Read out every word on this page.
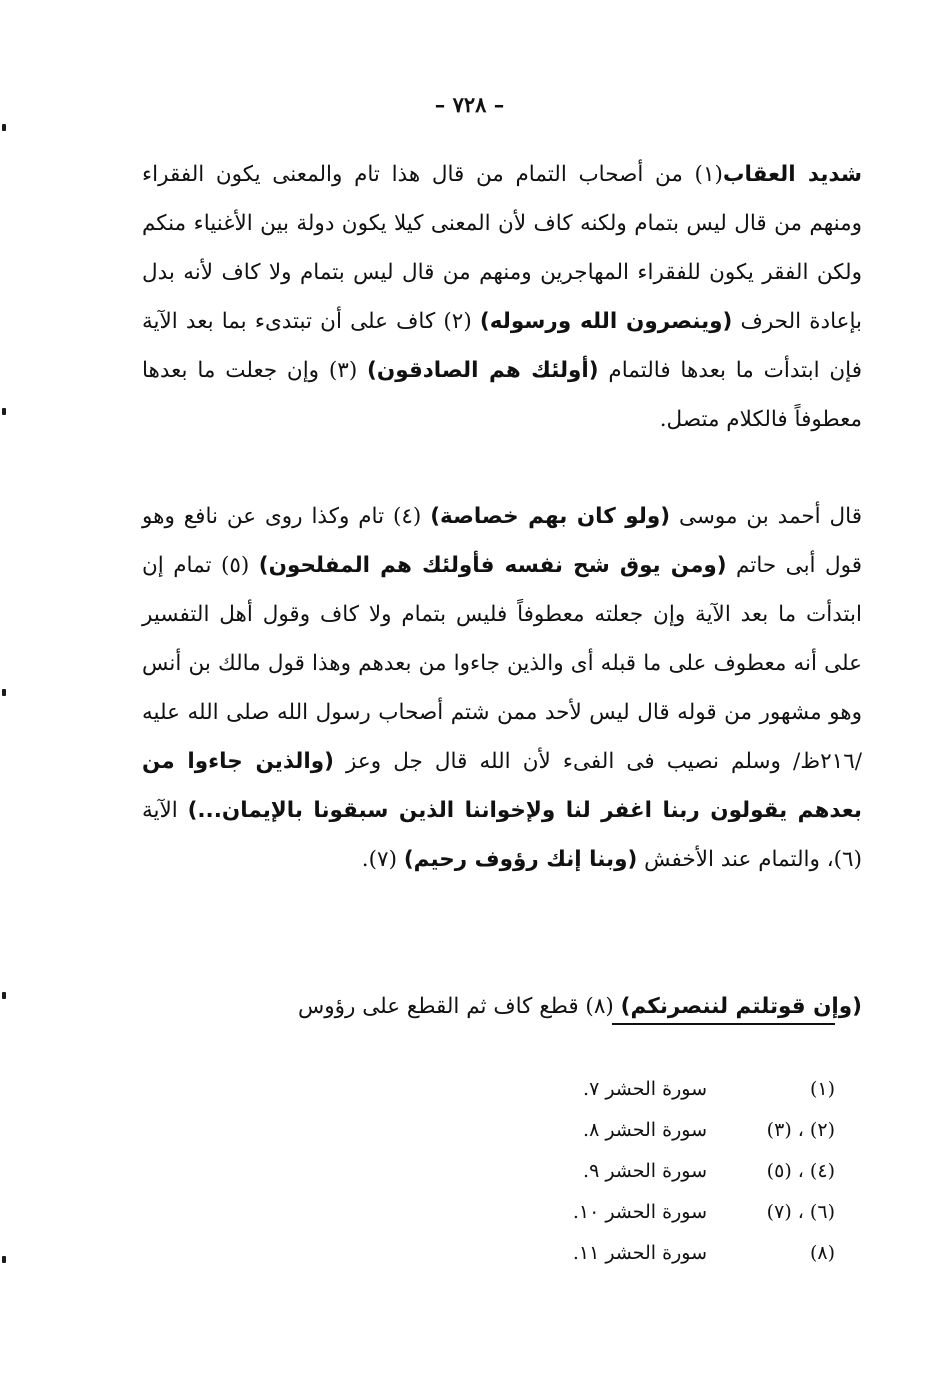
– ٧٢٨ –
شديد العقاب(١) من أصحاب التمام من قال هذا تام والمعنى يكون الفقراء ومنهم من قال ليس بتمام ولكنه كاف لأن المعنى كيلا يكون دولة بين الأغنياء منكم ولكن الفقر يكون للفقراء المهاجرين ومنهم من قال ليس بتمام ولا كاف لأنه بدل بإعادة الحرف (وينصرون الله ورسوله) (٢) كاف على أن تبتدىء بما بعد الآية فإن ابتدأت ما بعدها فالتمام (أولئك هم الصادقون) (٣) وإن جعلت ما بعدها معطوفاً فالكلام متصل.
قال أحمد بن موسى (ولو كان بهم خصاصة) (٤) تام وكذا روى عن نافع وهو قول أبى حاتم (ومن يوق شح نفسه فأولئك هم المفلحون) (٥) تمام إن ابتدأت ما بعد الآية وإن جعلته معطوفاً فليس بتمام ولا كاف وقول أهل التفسير على أنه معطوف على ما قبله أى والذين جاءوا من بعدهم وهذا قول مالك بن أنس وهو مشهور من قوله قال ليس لأحد ممن شتم أصحاب رسول الله صلى الله عليه /٢١٦ظ/ وسلم نصيب فى الفىء لأن الله قال جل وعز (والذين جاءوا من بعدهم يقولون ربنا اغفر لنا ولإخواننا الذين سبقونا بالإيمان...) الآية (٦)، والتمام عند الأخفش (وبنا إنك رؤوف رحيم) (٧).
(وإن قوتلتم لننصرنكم) (٨) قطع كاف ثم القطع على رؤوس
(١)
سورة الحشر ٧.
(٢) ، (٣)
سورة الحشر ٨.
(٤) ، (٥)
سورة الحشر ٩.
(٦) ، (٧)
سورة الحشر ١٠.
(٨)
سورة الحشر ١١.
